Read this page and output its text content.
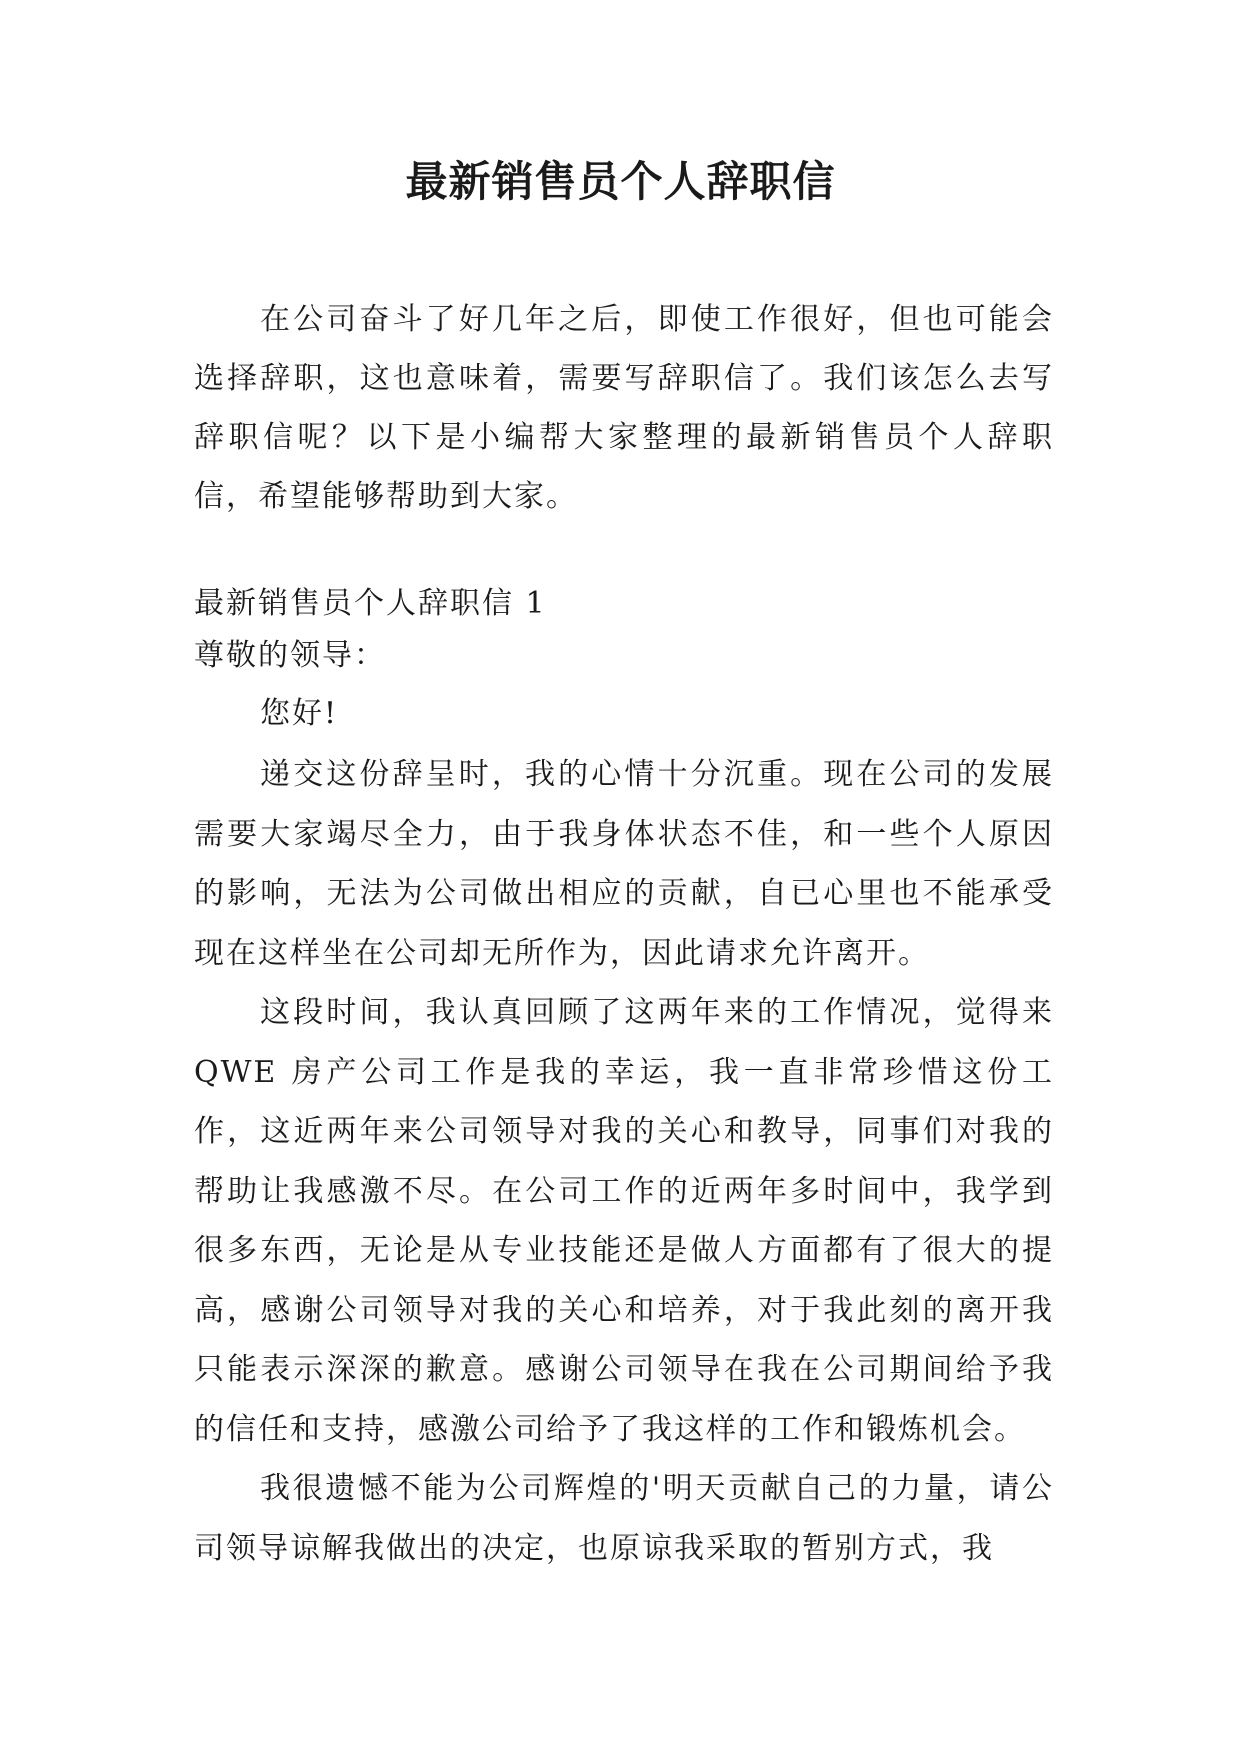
最新销售员个人辞职信
在公司奋斗了好几年之后，即使工作很好，但也可能会选择辞职，这也意味着，需要写辞职信了。我们该怎么去写辞职信呢？以下是小编帮大家整理的最新销售员个人辞职信，希望能够帮助到大家。

最新销售员个人辞职信 1

尊敬的领导：

您好!

递交这份辞呈时，我的心情十分沉重。现在公司的发展需要大家竭尽全力，由于我身体状态不佳，和一些个人原因的影响，无法为公司做出相应的贡献，自已心里也不能承受现在这样坐在公司却无所作为，因此请求允许离开。

这段时间，我认真回顾了这两年来的工作情况，觉得来 QWE 房产公司工作是我的幸运，我一直非常珍惜这份工作，这近两年来公司领导对我的关心和教导，同事们对我的帮助让我感激不尽。在公司工作的近两年多时间中，我学到很多东西，无论是从专业技能还是做人方面都有了很大的提高，感谢公司领导对我的关心和培养，对于我此刻的离开我只能表示深深的歉意。感谢公司领导在我在公司期间给予我的信任和支持，感激公司给予了我这样的工作和锻炼机会。

我很遗憾不能为公司辉煌的'明天贡献自己的力量，请公司领导谅解我做出的决定，也原谅我采取的暂别方式，我
